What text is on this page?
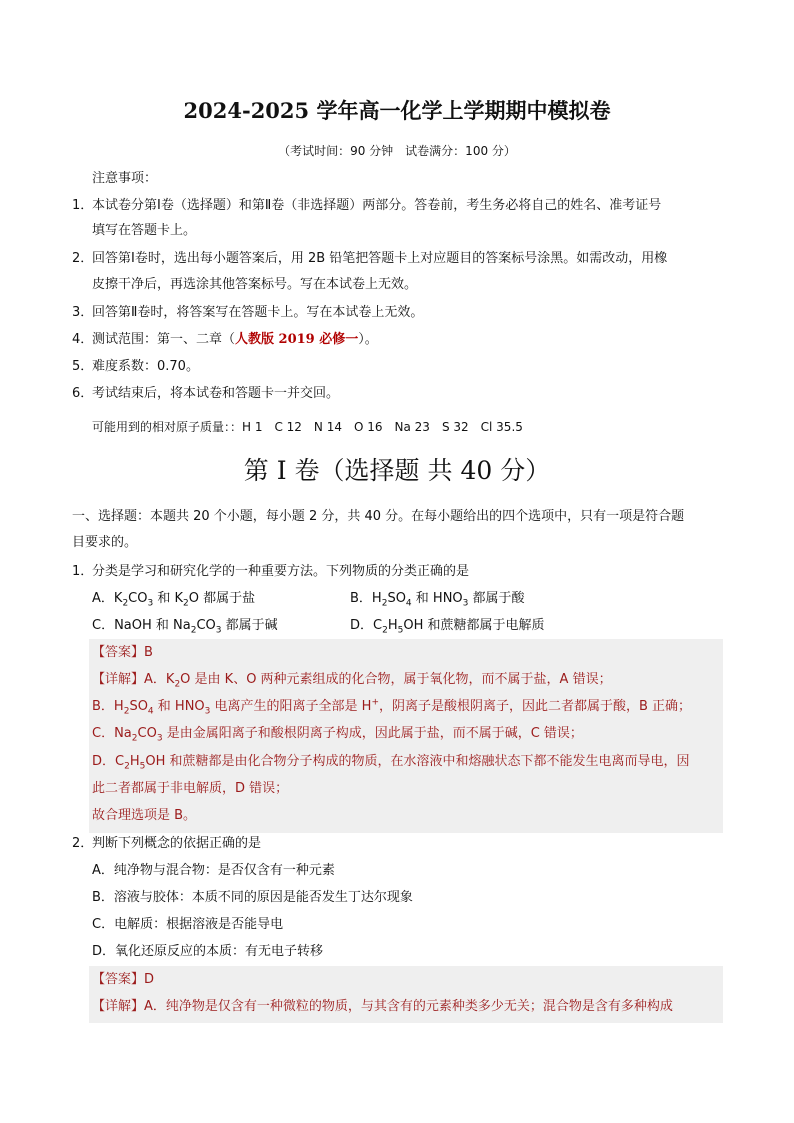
2024-2025 学年高一化学上学期期中模拟卷
（考试时间：90 分钟　试卷满分：100 分）
注意事项：
1．
本试卷分第Ⅰ卷（选择题）和第Ⅱ卷（非选择题）两部分。答卷前，考生务必将自己的姓名、准考证号
填写在答题卡上。
2．
回答第Ⅰ卷时，选出每小题答案后，用 2B 铅笔把答题卡上对应题目的答案标号涂黑。如需改动，用橡
皮擦干净后，再选涂其他答案标号。写在本试卷上无效。
3．
回答第Ⅱ卷时，将答案写在答题卡上。写在本试卷上无效。
4．
测试范围：第一、二章（人教版 2019 必修一）。
5．
难度系数：0.70。
6．
考试结束后，将本试卷和答题卡一并交回。
可能用到的相对原子质量：：H 1　C 12　N 14　O 16　Na 23　S 32　Cl 35.5
第 I 卷（选择题 共 40 分）
一、选择题：本题共 20 个小题，每小题 2 分，共 40 分。在每小题给出的四个选项中，只有一项是符合题
目要求的。
1．
分类是学习和研究化学的一种重要方法。下列物质的分类正确的是
A．$K_2CO_3$ 和 $K_2O$ 都属于盐	B．$H_2SO_4$ 和 $HNO_3$ 都属于酸
C．NaOH 和 $Na_2CO_3$ 都属于碱	D．$C_2H_5OH$ 和蔗糖都属于电解质
【答案】B
【详解】A．$K_2O$ 是由 K、O 两种元素组成的化合物，属于氧化物，而不属于盐，A 错误；
B．$H_2SO_4$ 和 $HNO_3$ 电离产生的阳离子全部是 H+，阴离子是酸根阴离子，因此二者都属于酸，B 正确；
C．$Na_2CO_3$ 是由金属阳离子和酸根阴离子构成，因此属于盐，而不属于碱，C 错误；
D．$C_2H_5OH$ 和蔗糖都是由化合物分子构成的物质，在水溶液中和熔融状态下都不能发生电离而导电，因
此二者都属于非电解质，D 错误；
故合理选项是 B。
2．
判断下列概念的依据正确的是
A．纯净物与混合物：是否仅含有一种元素
B．溶液与胶体：本质不同的原因是能否发生丁达尔现象
C．电解质：根据溶液是否能导电
D．氧化还原反应的本质：有无电子转移
【答案】D
【详解】A．纯净物是仅含有一种微粒的物质，与其含有的元素种类多少无关；混合物是含有多种构成
